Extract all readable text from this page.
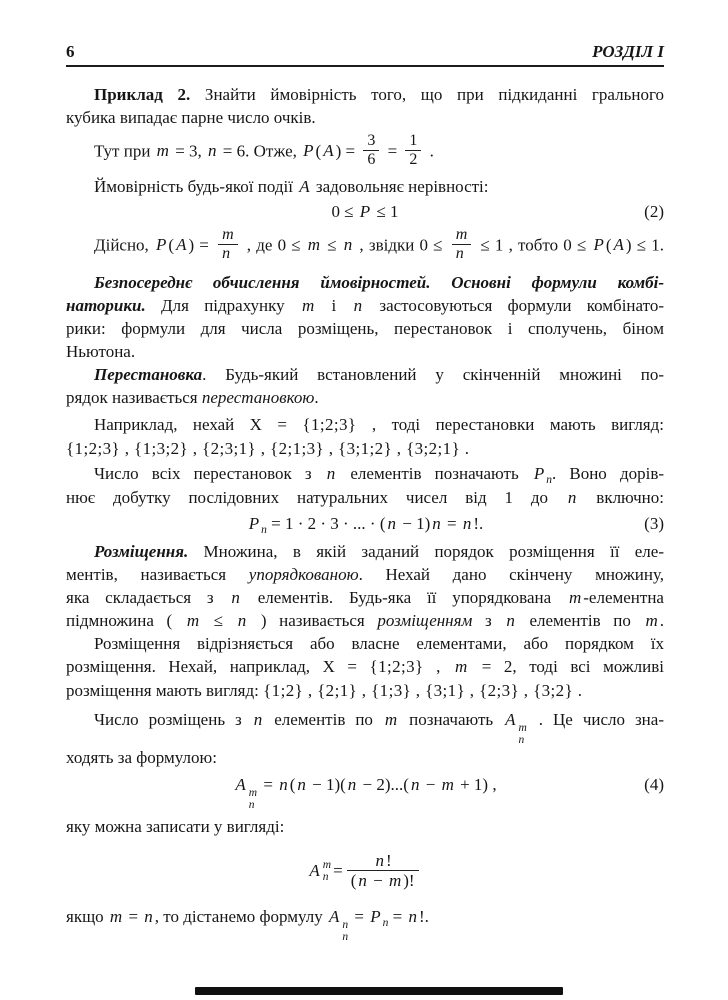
6	РОЗДІЛ І
Приклад 2. Знайти ймовірність того, що при підкиданні грального
кубика випадає парне число очків.
Тут при m = 3, n = 6. Отже, P ( A ) = $\frac{3}{6} = \frac{1}{2}$ .
Ймовірність будь-якої події A задовольняє нерівності:
0 ≤ P ≤ 1	(2)
Дійсно, P ( A ) = $\frac{m}{n}$ , де 0 ≤ m ≤ n , звідки $0 \le \frac{m}{n} \le 1$ , тобто 0 ≤ P ( A ) ≤ 1.
Безпосереднє обчислення ймовірностей. Основні формули комбі-
наторики. Для підрахунку m і n застосовуються формули комбінато-
рики: формули для числа розміщень, перестановок і сполучень, біном
Ньютона.
Перестановка. Будь-який встановлений у скінченній множині по-
рядок називається перестановкою.
Наприклад, нехай X = {1;2;3} , тоді перестановки мають вигляд:
{1;2;3} , {1;3;2} , {2;3;1} , {2;1;3} , {3;1;2} , {3;2;1} .
Число всіх перестановок з n елементів позначають P $_n$. Воно дорів-
нює добутку послідовних натуральних чисел від 1 до n включно:
P $_n$ = 1 · 2 · 3 · ... · ( n − 1) n = n !.	(3)
Розміщення. Множина, в якій заданий порядок розміщення її еле-
ментів, називається упорядкованою. Нехай дано скінчену множину,
яка складається з n елементів. Будь-яка її упорядкована m -елементна
підмножина ( m ≤ n ) називається розміщенням з n елементів по m .
Розміщення відрізняється або власне елементами, або порядком їх
розміщення. Нехай, наприклад, X = {1;2;3} , m = 2, тоді всі можливі
розміщення мають вигляд: {1;2} , {2;1} , {1;3} , {3;1} , {2;3} , {3;2} .
Число розміщень з n елементів по m позначають A m
n
. Це число зна-
ходять за формулою:
A m
n
= n ( n − 1)( n − 2)...( n − m + 1) ,	(4)
яку можна записати у вигляді:
A m
$n = \frac{n !}{( n - m )!}$
якщо m = n , то дістанемо формулу A n
n
= P $_n$ = n !.
